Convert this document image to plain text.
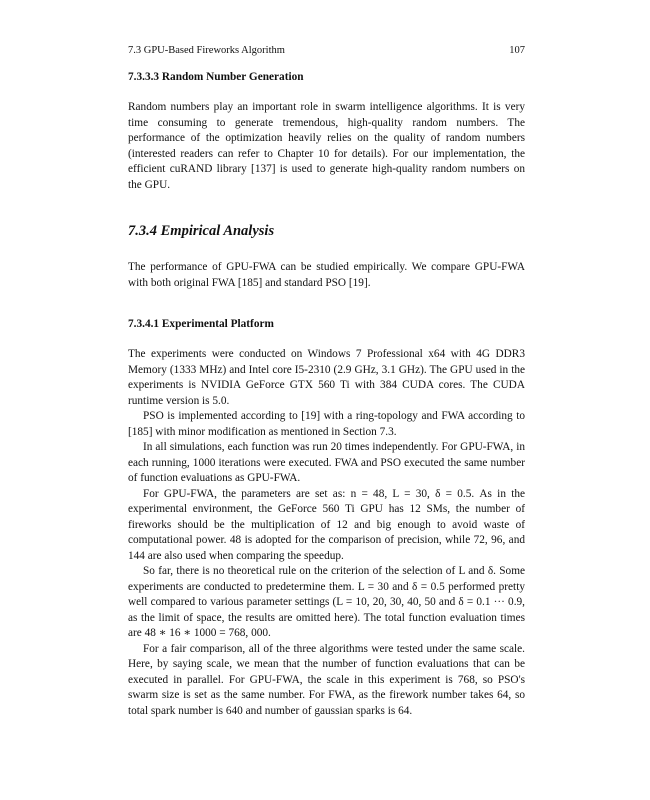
7.3 GPU-Based Fireworks Algorithm	107
7.3.3.3 Random Number Generation

Random numbers play an important role in swarm intelligence algorithms. It is very time consuming to generate tremendous, high-quality random numbers. The performance of the optimization heavily relies on the quality of random numbers (interested readers can refer to Chapter 10 for details). For our implementation, the efficient cuRAND library [137] is used to generate high-quality random numbers on the GPU.

7.3.4 Empirical Analysis

The performance of GPU-FWA can be studied empirically. We compare GPU-FWA with both original FWA [185] and standard PSO [19].

7.3.4.1 Experimental Platform

The experiments were conducted on Windows 7 Professional x64 with 4G DDR3 Memory (1333 MHz) and Intel core I5-2310 (2.9 GHz, 3.1 GHz). The GPU used in the experiments is NVIDIA GeForce GTX 560 Ti with 384 CUDA cores. The CUDA runtime version is 5.0.

PSO is implemented according to [19] with a ring-topology and FWA according to [185] with minor modification as mentioned in Section 7.3.

In all simulations, each function was run 20 times independently. For GPU-FWA, in each running, 1000 iterations were executed. FWA and PSO executed the same number of function evaluations as GPU-FWA.

For GPU-FWA, the parameters are set as: n = 48, L = 30, δ = 0.5. As in the experimental environment, the GeForce 560 Ti GPU has 12 SMs, the number of fireworks should be the multiplication of 12 and big enough to avoid waste of computational power. 48 is adopted for the comparison of precision, while 72, 96, and 144 are also used when comparing the speedup.

So far, there is no theoretical rule on the criterion of the selection of L and δ. Some experiments are conducted to predetermine them. L = 30 and δ = 0.5 performed pretty well compared to various parameter settings (L = 10, 20, 30, 40, 50 and δ = 0.1 ··· 0.9, as the limit of space, the results are omitted here). The total function evaluation times are 48 ∗ 16 ∗ 1000 = 768, 000.

For a fair comparison, all of the three algorithms were tested under the same scale. Here, by saying scale, we mean that the number of function evaluations that can be executed in parallel. For GPU-FWA, the scale in this experiment is 768, so PSO's swarm size is set as the same number. For FWA, as the firework number takes 64, so total spark number is 640 and number of gaussian sparks is 64.
